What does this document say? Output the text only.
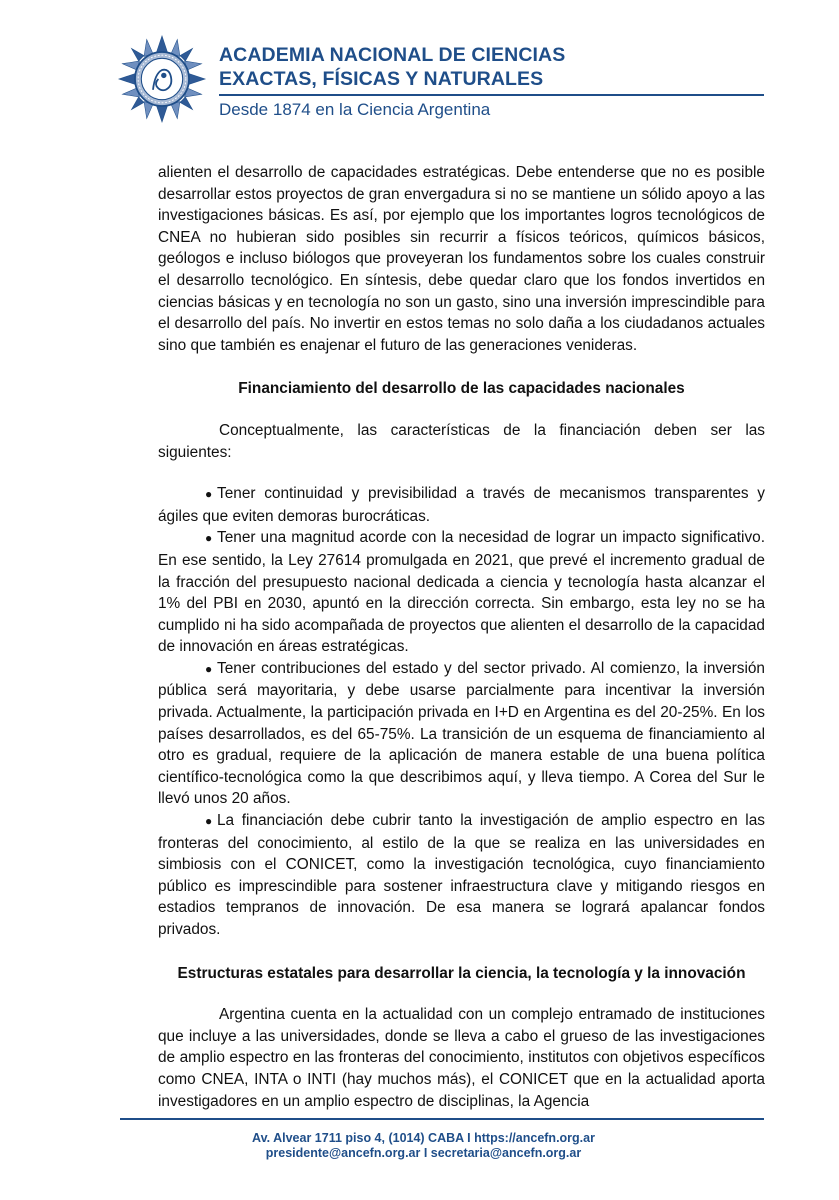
ACADEMIA NACIONAL DE CIENCIAS
EXACTAS, FÍSICAS Y NATURALES
Desde 1874 en la Ciencia Argentina

alienten el desarrollo de capacidades estratégicas. Debe entenderse que no es posible desarrollar estos proyectos de gran envergadura si no se mantiene un sólido apoyo a las investigaciones básicas. Es así, por ejemplo que los importantes logros tecnológicos de CNEA no hubieran sido posibles sin recurrir a físicos teóricos, químicos básicos, geólogos e incluso biólogos que proveyeran los fundamentos sobre los cuales construir el desarrollo tecnológico. En síntesis, debe quedar claro que los fondos invertidos en ciencias básicas y en tecnología no son un gasto, sino una inversión imprescindible para el desarrollo del país. No invertir en estos temas no solo daña a los ciudadanos actuales sino que también es enajenar el futuro de las generaciones venideras.

Financiamiento del desarrollo de las capacidades nacionales

Conceptualmente, las características de la financiación deben ser las siguientes:

● Tener continuidad y previsibilidad a través de mecanismos transparentes y ágiles que eviten demoras burocráticas.

● Tener una magnitud acorde con la necesidad de lograr un impacto significativo. En ese sentido, la Ley 27614 promulgada en 2021, que prevé el incremento gradual de la fracción del presupuesto nacional dedicada a ciencia y tecnología hasta alcanzar el 1% del PBI en 2030, apuntó en la dirección correcta. Sin embargo, esta ley no se ha cumplido ni ha sido acompañada de proyectos que alienten el desarrollo de la capacidad de innovación en áreas estratégicas.

● Tener contribuciones del estado y del sector privado. Al comienzo, la inversión pública será mayoritaria, y debe usarse parcialmente para incentivar la inversión privada. Actualmente, la participación privada en I+D en Argentina es del 20-25%. En los países desarrollados, es del 65-75%. La transición de un esquema de financiamiento al otro es gradual, requiere de la aplicación de manera estable de una buena política científico-tecnológica como la que describimos aquí, y lleva tiempo. A Corea del Sur le llevó unos 20 años.

● La financiación debe cubrir tanto la investigación de amplio espectro en las fronteras del conocimiento, al estilo de la que se realiza en las universidades en simbiosis con el CONICET, como la investigación tecnológica, cuyo financiamiento público es imprescindible para sostener infraestructura clave y mitigando riesgos en estadios tempranos de innovación. De esa manera se logrará apalancar fondos privados.

Estructuras estatales para desarrollar la ciencia, la tecnología y la innovación

Argentina cuenta en la actualidad con un complejo entramado de instituciones que incluye a las universidades, donde se lleva a cabo el grueso de las investigaciones de amplio espectro en las fronteras del conocimiento, institutos con objetivos específicos como CNEA, INTA o INTI (hay muchos más), el CONICET que en la actualidad aporta investigadores en un amplio espectro de disciplinas, la Agencia

Av. Alvear 1711 piso 4, (1014) CABA I https://ancefn.org.ar
presidente@ancefn.org.ar I secretaria@ancefn.org.ar
